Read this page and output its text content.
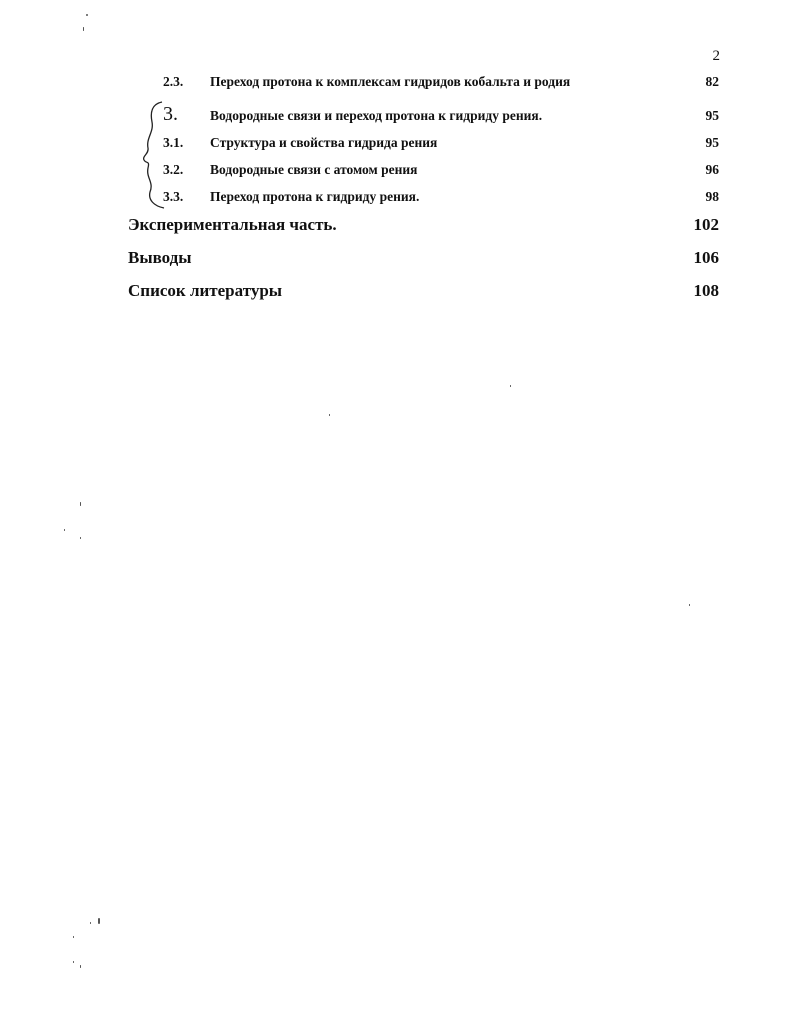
2
2.3.	Переход протона к комплексам гидридов кобальта и родия	82
3.	Водородные связи и переход протона к гидриду рения.	95
3.1.	Структура и свойства гидрида рения	95
3.2.	Водородные связи с атомом рения	96
3.3.	Переход протона к гидриду рения.	98
Экспериментальная часть.	102
Выводы	106
Список литературы	108
